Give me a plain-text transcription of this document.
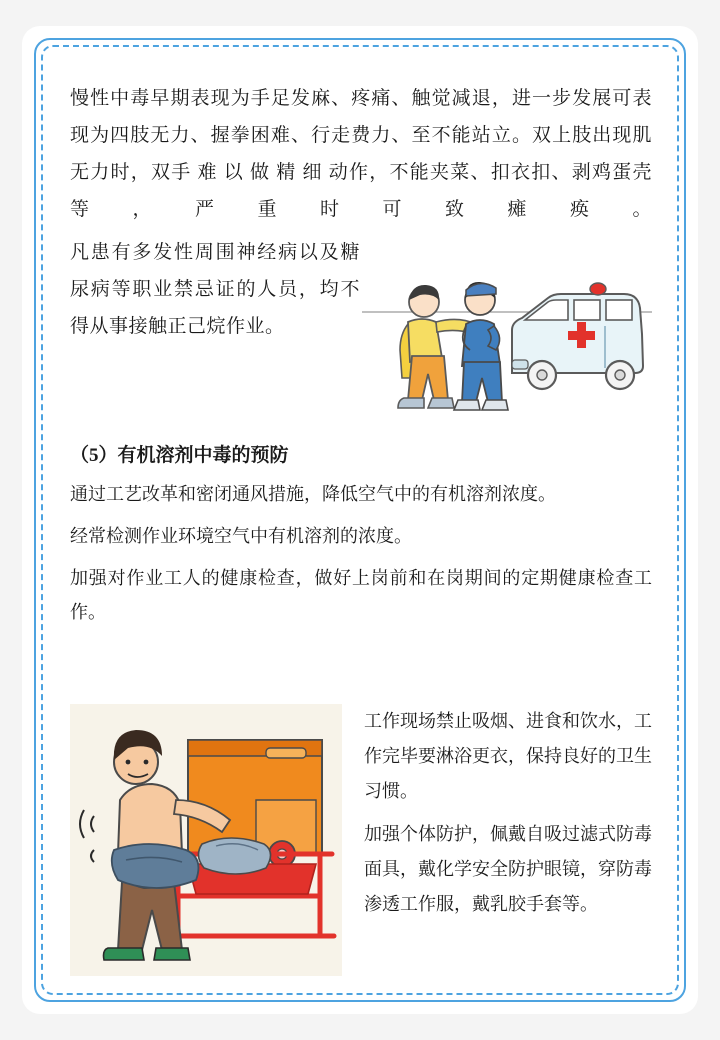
慢性中毒早期表现为手足发麻、疼痛、触觉减退，进一步发展可表现为四肢无力、握拳困难、行走费力、至不能站立。双上肢出现肌无力时，双手 难 以 做 精 细 动作，不能夹菜、扣衣扣、剥鸡蛋壳等，严重时可致瘫痪。

凡患有多发性周围神经病以及糖尿病等职业禁忌证的人员，均不得从事接触正己烷作业。

（5）有机溶剂中毒的预防

通过工艺改革和密闭通风措施，降低空气中的有机溶剂浓度。

经常检测作业环境空气中有机溶剂的浓度。

加强对作业工人的健康检查，做好上岗前和在岗期间的定期健康检查工作。

工作现场禁止吸烟、进食和饮水，工作完毕要淋浴更衣，保持良好的卫生习惯。

加强个体防护，佩戴自吸过滤式防毒面具，戴化学安全防护眼镜，穿防毒渗透工作服，戴乳胶手套等。
